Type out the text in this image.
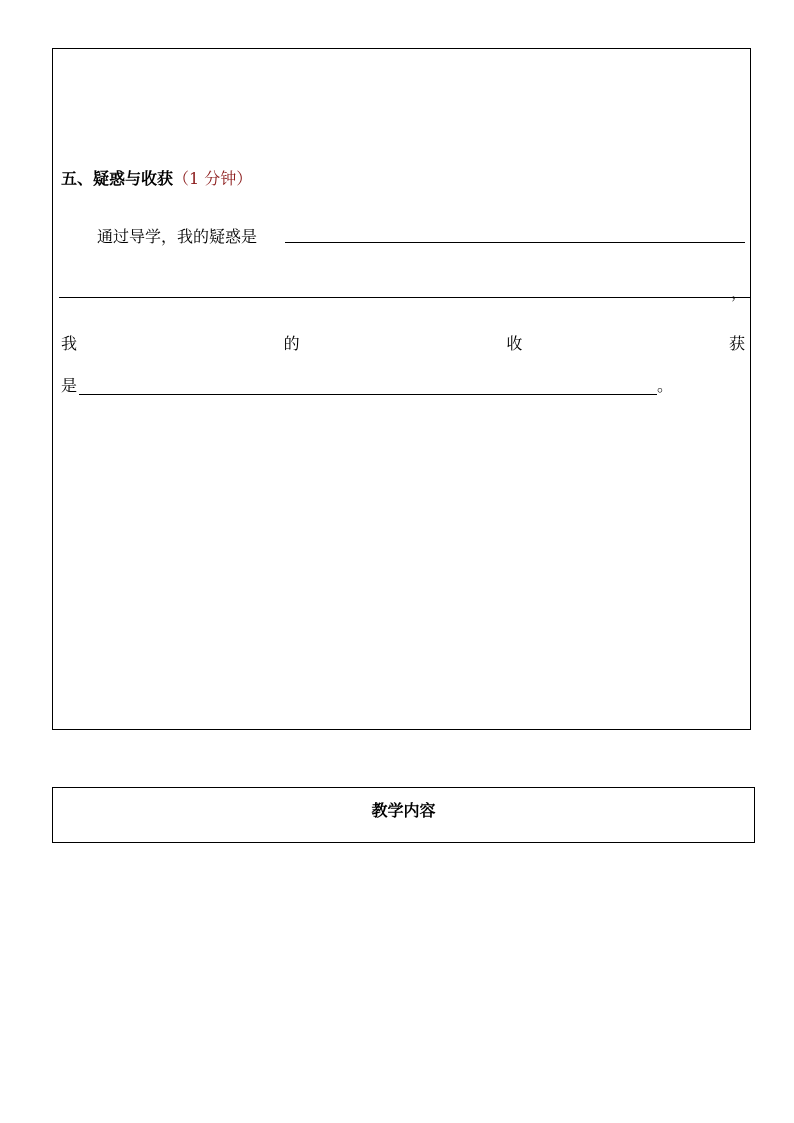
五、疑惑与收获（1 分钟）
通过导学，我的疑惑是
，
我	的	收	获
是	。
教学内容
